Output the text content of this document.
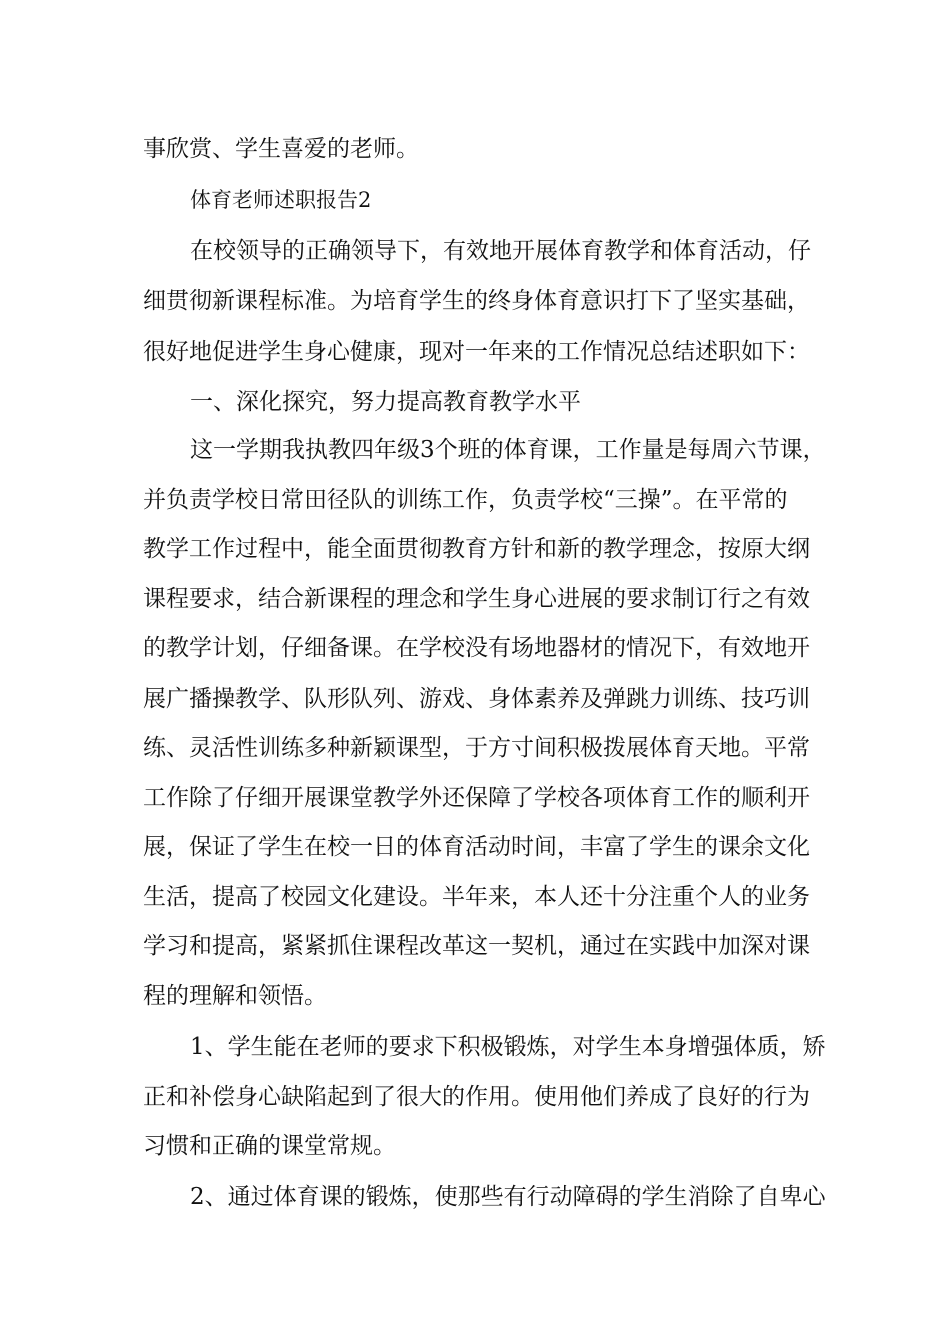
事欣赏、学生喜爱的老师。
体育老师述职报告2
在校领导的正确领导下，有效地开展体育教学和体育活动，仔
细贯彻新课程标准。为培育学生的终身体育意识打下了坚实基础，
很好地促进学生身心健康，现对一年来的工作情况总结述职如下：
一、深化探究，努力提高教育教学水平
这一学期我执教四年级3个班的体育课，工作量是每周六节课，
并负责学校日常田径队的训练工作，负责学校“三操”。在平常的
教学工作过程中，能全面贯彻教育方针和新的教学理念，按原大纲
课程要求，结合新课程的理念和学生身心进展的要求制订行之有效
的教学计划，仔细备课。在学校没有场地器材的情况下，有效地开
展广播操教学、队形队列、游戏、身体素养及弹跳力训练、技巧训
练、灵活性训练多种新颖课型，于方寸间积极拨展体育天地。平常
工作除了仔细开展课堂教学外还保障了学校各项体育工作的顺利开
展，保证了学生在校一日的体育活动时间，丰富了学生的课余文化
生活，提高了校园文化建设。半年来，本人还十分注重个人的业务
学习和提高，紧紧抓住课程改革这一契机，通过在实践中加深对课
程的理解和领悟。
1、学生能在老师的要求下积极锻炼，对学生本身增强体质，矫
正和补偿身心缺陷起到了很大的作用。使用他们养成了良好的行为
习惯和正确的课堂常规。
2、通过体育课的锻炼，使那些有行动障碍的学生消除了自卑心
